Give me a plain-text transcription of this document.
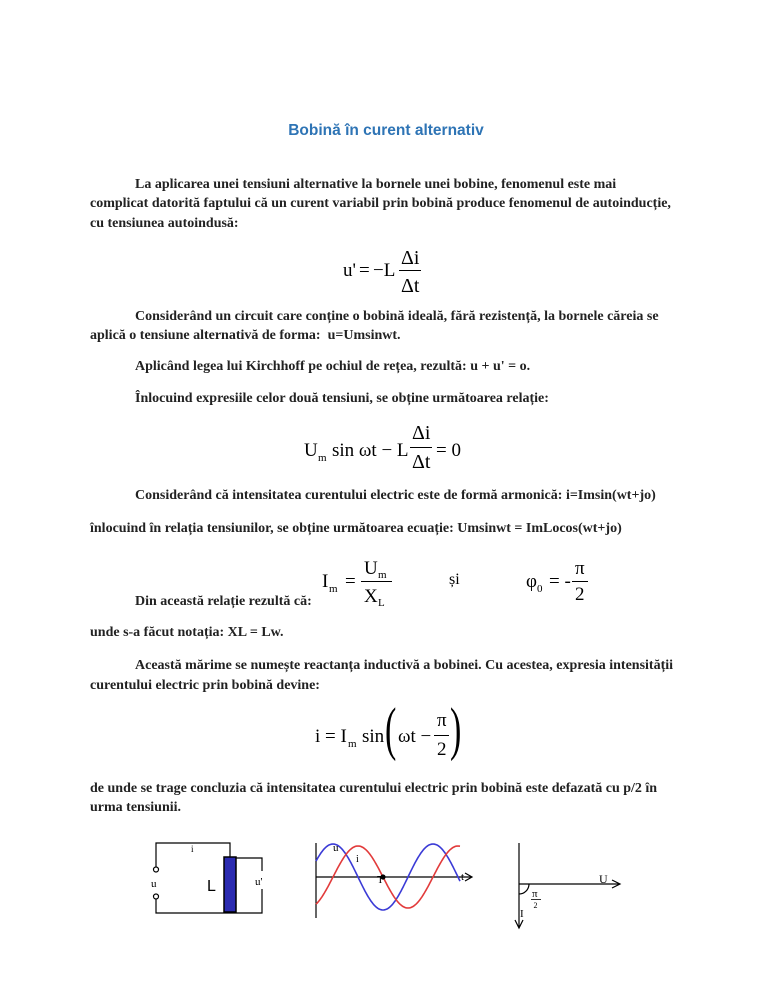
Bobină în curent alternativ
La aplicarea unei tensiuni alternative la bornele unei bobine, fenomenul este mai
complicat datorită faptului că un curent variabil prin bobină produce fenomenul de autoinducție,
cu tensiunea autoindusă:
u' = −L
Δi
Δt
Considerând un circuit care conține o bobină ideală, fără rezistență, la bornele căreia se
aplică o tensiune alternativă de forma:  u=Umsinwt.
Aplicând legea lui Kirchhoff pe ochiul de rețea, rezultă: u + u' = o.
Înlocuind expresiile celor două tensiuni, se obține următoarea relație:
U m sin ωt − L
Δi
Δt
= 0
Considerând că intensitatea curentului electric este de formă armonică: i=Imsin(wt+jo)
înlocuind în relația tensiunilor, se obține următoarea ecuație: Umsinwt = ImLocos(wt+jo)
I m =
U m
X L
și	φ 0 = -
π
2
Din această relație rezultă că:
unde s-a făcut notația: XL = Lw.
Această mărime se numește reactanța inductivă a bobinei. Cu acestea, expresia intensității
curentului electric prin bobină devine:
i = I m sin ( ωt −
π
2 )
de unde se trage concluzia că intensitatea curentului electric prin bobină este defazată cu p/2 în
urma tensiunii.
i
u	L	u'
u
i
T	t	U
I
π
2
